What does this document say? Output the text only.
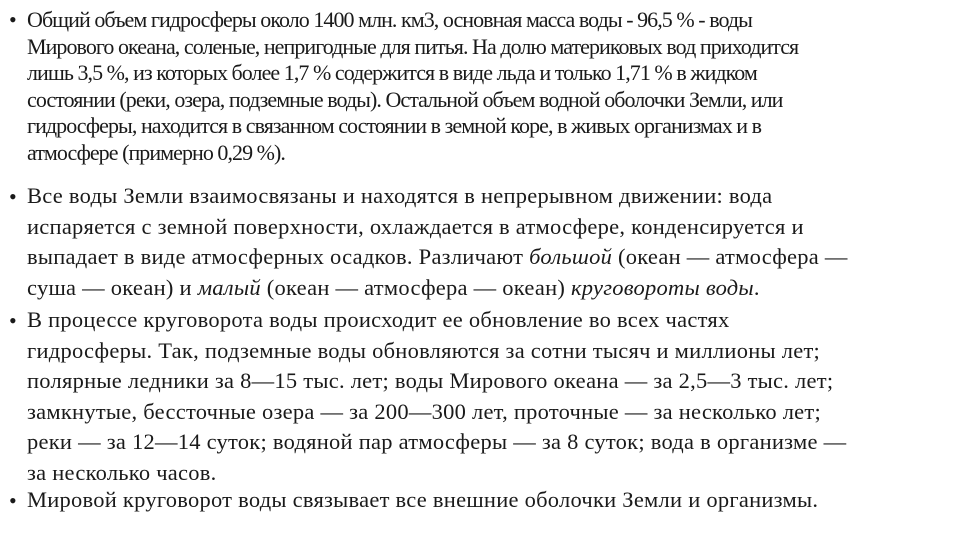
• Общий объем гидросферы около 1400 млн. км3, основная масса воды - 96,5 % - воды
Мирового океана, соленые, непригодные для питья. На долю материковых вод приходится
лишь 3,5 %, из которых более 1,7 % содержится в виде льда и только 1,71 % в жидком
состоянии (реки, озера, подземные воды). Остальной объем водной оболочки Земли, или
гидросферы, находится в связанном состоянии в земной коре, в живых организмах и в
атмосфере (примерно 0,29 %).
• Все воды Земли взаимосвязаны и находятся в непрерывном движении: вода
испаряется с земной поверхности, охлаждается в атмосфере, конденсируется и
выпадает в виде атмосферных осадков. Различают большой (океан — атмосфера —
суша — океан) и малый (океан — атмосфера — океан) круговороты воды.
• В процессе круговорота воды происходит ее обновление во всех частях
гидросферы. Так, подземные воды обновляются за сотни тысяч и миллионы лет;
полярные ледники за 8—15 тыс. лет; воды Мирового океана — за 2,5—3 тыс. лет;
замкнутые, бессточные озера — за 200—300 лет, проточные — за несколько лет;
реки — за 12—14 суток; водяной пар атмосферы — за 8 суток; вода в организме —
за несколько часов.
• Мировой круговорот воды связывает все внешние оболочки Земли и организмы.
